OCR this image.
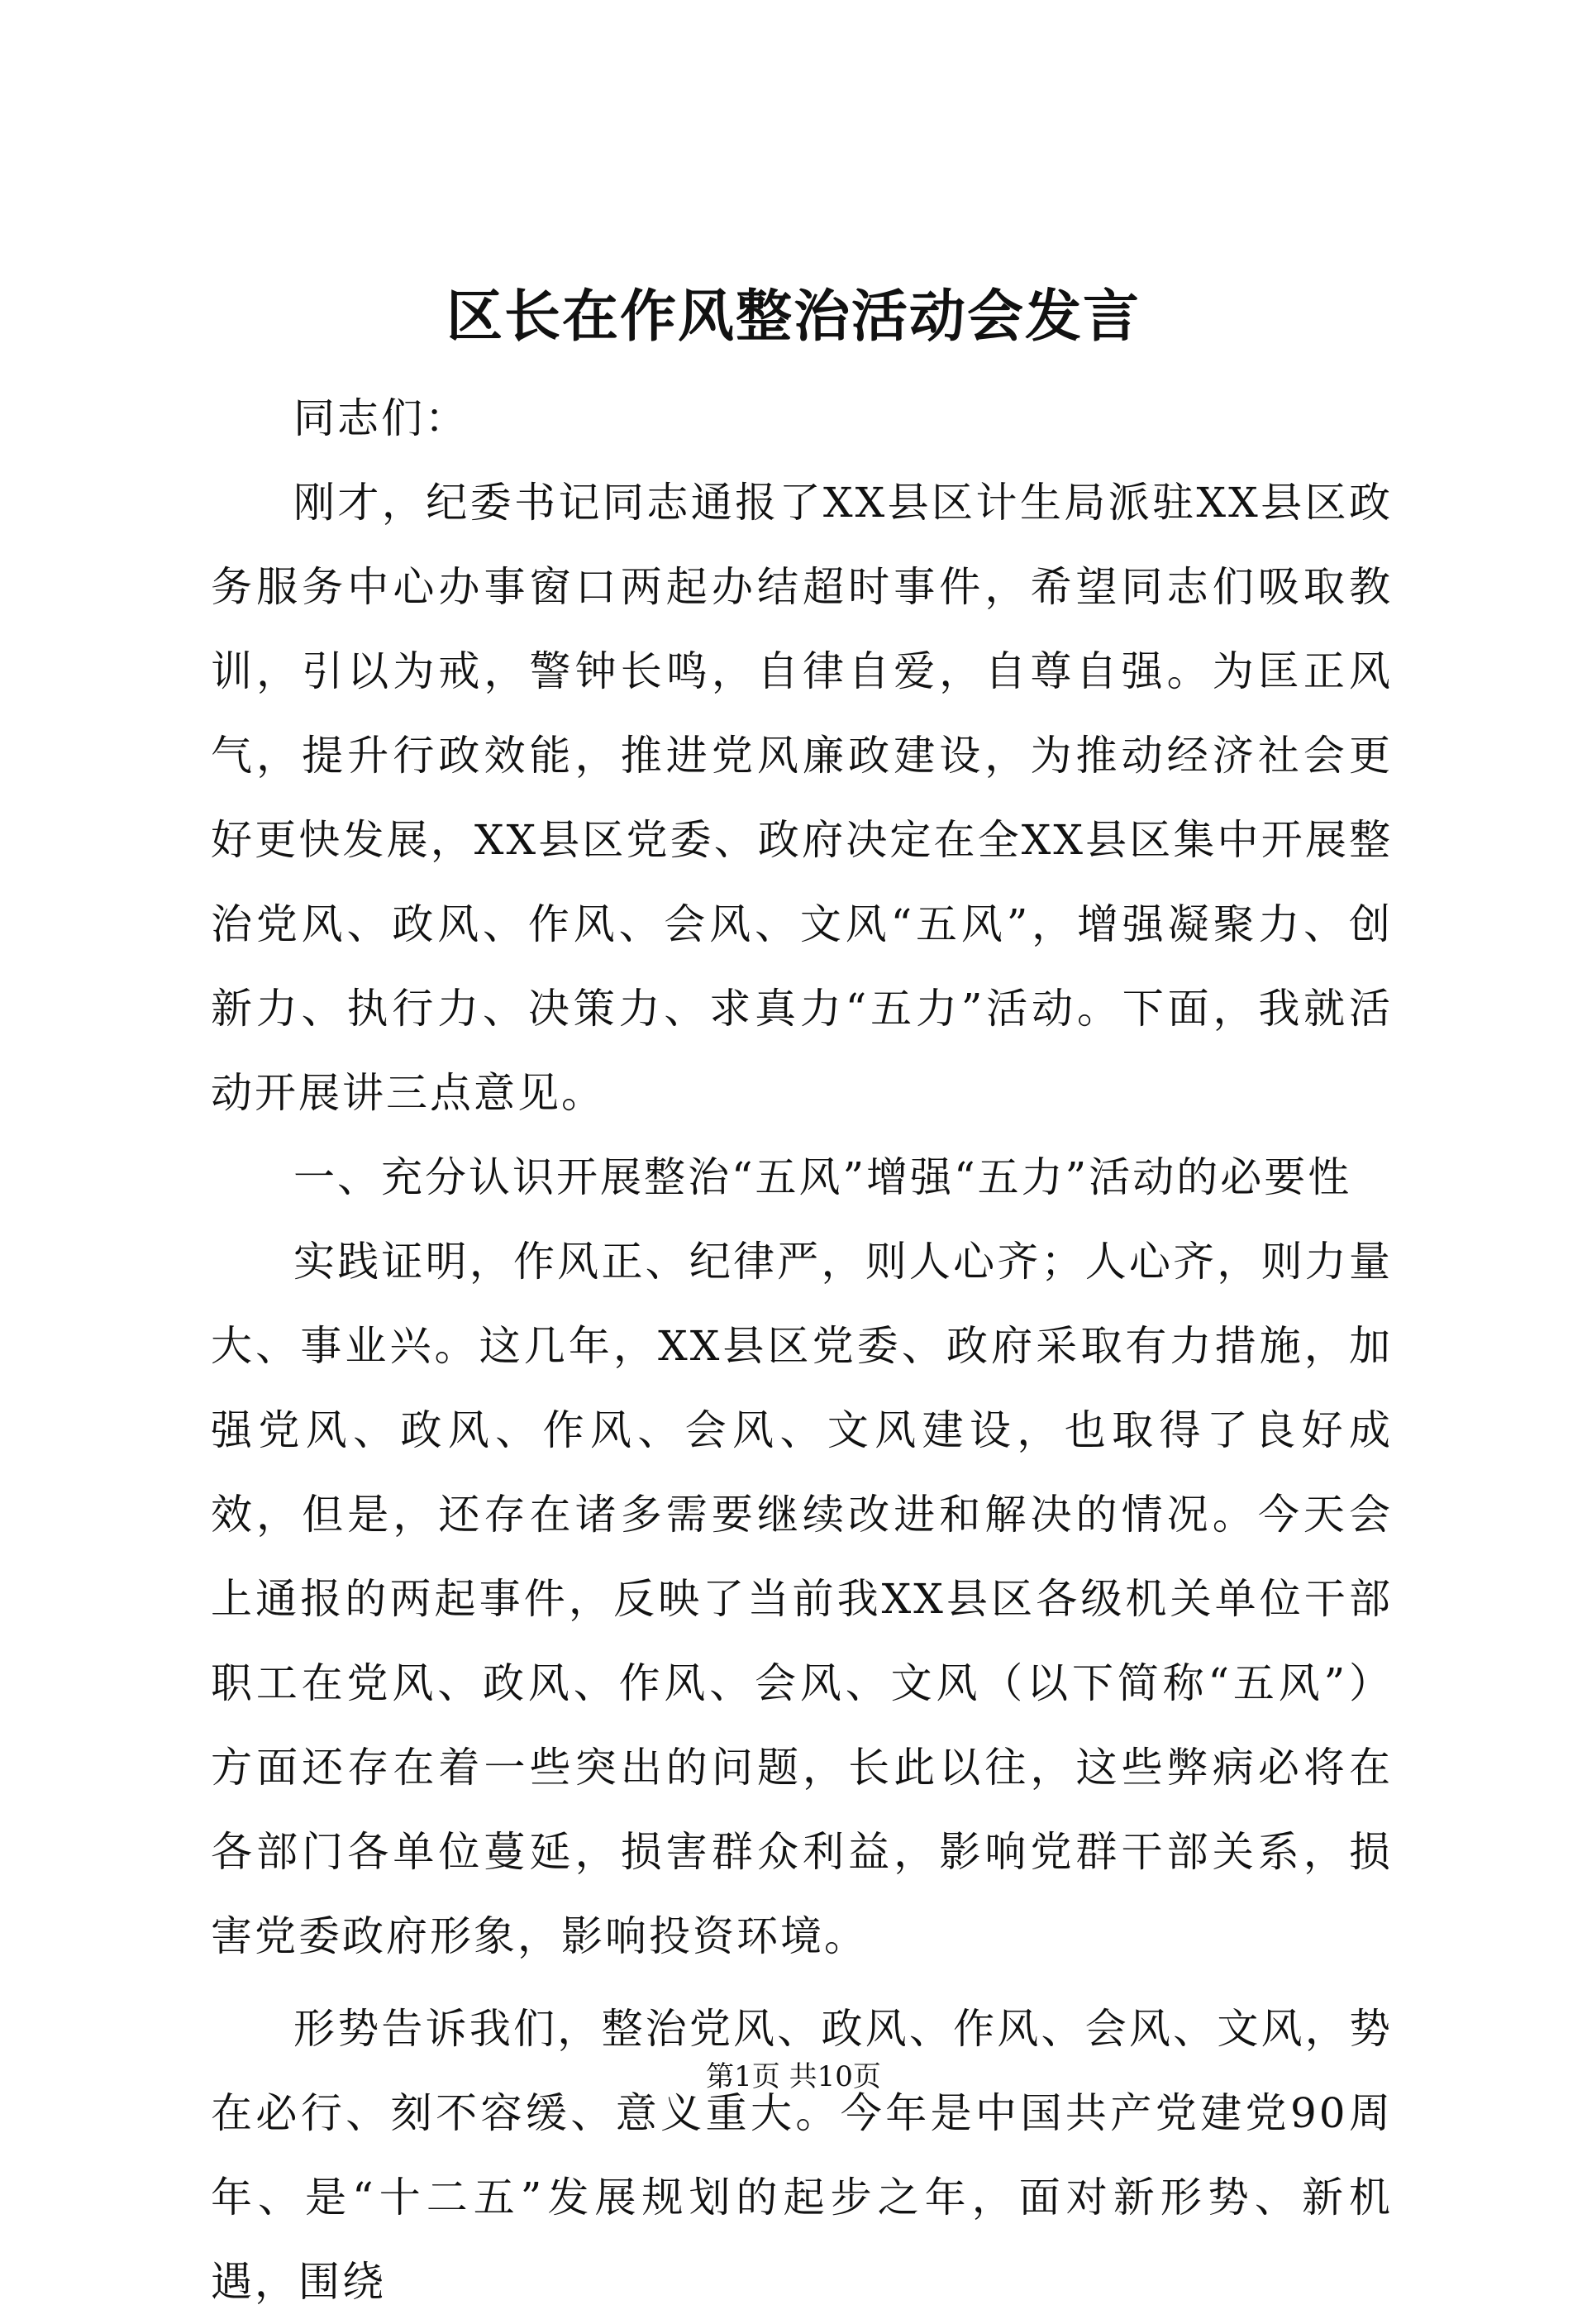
区长在作风整治活动会发言

同志们：

刚才，纪委书记同志通报了XX县区计生局派驻XX县区政务服务中心办事窗口两起办结超时事件，希望同志们吸取教训，引以为戒，警钟长鸣，自律自爱，自尊自强。为匡正风气，提升行政效能，推进党风廉政建设，为推动经济社会更好更快发展，XX县区党委、政府决定在全XX县区集中开展整治党风、政风、作风、会风、文风“五风”，增强凝聚力、创新力、执行力、决策力、求真力“五力”活动。下面，我就活动开展讲三点意见。

一、充分认识开展整治“五风”增强“五力”活动的必要性

实践证明，作风正、纪律严，则人心齐；人心齐，则力量大、事业兴。这几年，XX县区党委、政府采取有力措施，加强党风、政风、作风、会风、文风建设，也取得了良好成效，但是，还存在诸多需要继续改进和解决的情况。今天会上通报的两起事件，反映了当前我XX县区各级机关单位干部职工在党风、政风、作风、会风、文风（以下简称“五风”）方面还存在着一些突出的问题，长此以往，这些弊病必将在各部门各单位蔓延，损害群众利益，影响党群干部关系，损害党委政府形象，影响投资环境。

形势告诉我们，整治党风、政风、作风、会风、文风，势在必行、刻不容缓、意义重大。今年是中国共产党建党90周年、是“十二五”发展规划的起步之年，面对新形势、新机遇，围绕

第1页 共10页
